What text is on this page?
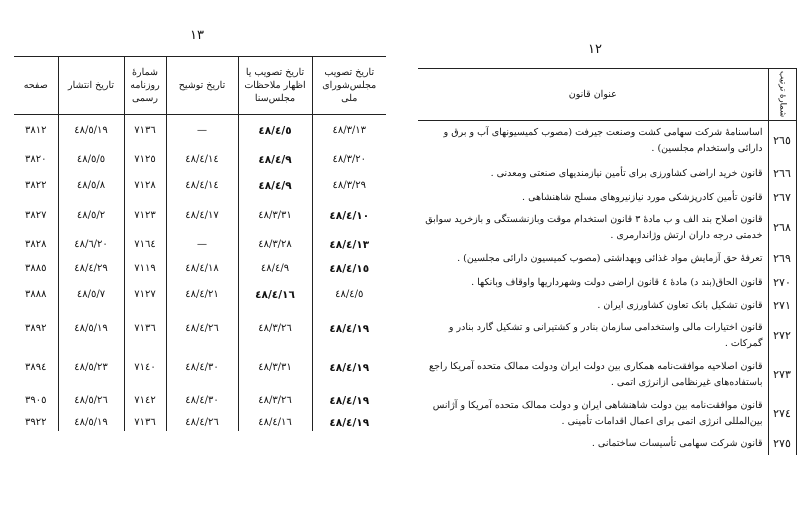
١٣
صفحه	تاريخ انتشار	شمارهٔ روزنامه رسمی	تاريخ توشيح	تاريخ تصويب يا اظهار ملاحظات مجلس‌سنا	تاريخ تصويب مجلس‌شورای ملی
٣٨١٢	٤٨/٥/١٩	٧١٣٦	—	٤٨/٤/٥	٤٨/٣/١٣
٣٨٢٠	٤٨/٥/٥	٧١٢٥	٤٨/٤/١٤	٤٨/٤/٩	٤٨/٣/٢٠
٣٨٢٢	٤٨/٥/٨	٧١٢٨	٤٨/٤/١٤	٤٨/٤/٩	٤٨/٣/٢٩
٣٨٢٧	٤٨/٥/٢	٧١٢٣	٤٨/٤/١٧	٤٨/٣/٣١	٤٨/٤/١٠
٣٨٢٨	٤٨/٦/٢٠	٧١٦٤	—	٤٨/٣/٢٨	٤٨/٤/١٣
٣٨٨٥	٤٨/٤/٢٩	٧١١٩	٤٨/٤/١٨	٤٨/٤/٩	٤٨/٤/١٥
٣٨٨٨	٤٨/٥/٧	٧١٢٧	٤٨/٤/٢١	٤٨/٤/١٦	٤٨/٤/٥
٣٨٩٢	٤٨/٥/١٩	٧١٣٦	٤٨/٤/٢٦	٤٨/٣/٢٦	٤٨/٤/١٩
٣٨٩٤	٤٨/٥/٢٣	٧١٤٠	٤٨/٤/٣٠	٤٨/٣/٣١	٤٨/٤/١٩
٣٩٠٥	٤٨/٥/٢٦	٧١٤٢	٤٨/٤/٣٠	٤٨/٣/٢٦	٤٨/٤/١٩
٣٩٢٢	٤٨/٥/١٩	٧١٣٦	٤٨/٤/٢٦	٤٨/٤/١٦	٤٨/٤/١٩
١٢
عنوان قانون	شمارهٔ ترتيب
اساسنامهٔ شرکت سهامی کشت وصنعت جيرفت (مصوب کميسيونهای آب و برق و دارائی واستخدام مجلسين) .	٢٦٥
قانون خريد اراضی کشاورزی برای تأمين نيازمنديهای صنعتی ومعدنی .	٢٦٦
قانون تأمين کادرپزشکی مورد نيازنيروهای مسلح شاهنشاهی .	٢٦٧
قانون اصلاح بند الف و ب مادهٔ ٣ قانون استخدام موقت وبازنشستگی و بازخريد سوابق خدمتی درجه داران ارتش وژاندارمری .	٢٦٨
تعرفهٔ حق آزمايش مواد غذائی وبهداشتی (مصوب کميسيون دارائی مجلسين) .	٢٦٩
قانون الحاق(بند د) مادهٔ ٤ قانون اراضی دولت وشهرداريها واوقاف وبانکها .	٢٧٠
قانون تشکيل بانک تعاون کشاورزی ايران .	٢٧١
قانون اختيارات مالی واستخدامی سازمان بنادر و کشتيرانی و تشکيل گارد بنادر و گمرکات .	٢٧٢
قانون اصلاحيه موافقت‌نامه همکاری بين دولت ايران ودولت ممالک متحده آمريکا راجع باستفاده‌های غيرنظامی ازانرژی اتمی .	٢٧٣
قانون موافقت‌نامه بين دولت شاهنشاهی ايران و دولت ممالک متحده آمريکا و آژانس بين‌المللی انرژی اتمی برای اعمال اقدامات تأمينی .	٢٧٤
قانون شرکت سهامی تأسيسات ساختمانی .	٢٧٥
